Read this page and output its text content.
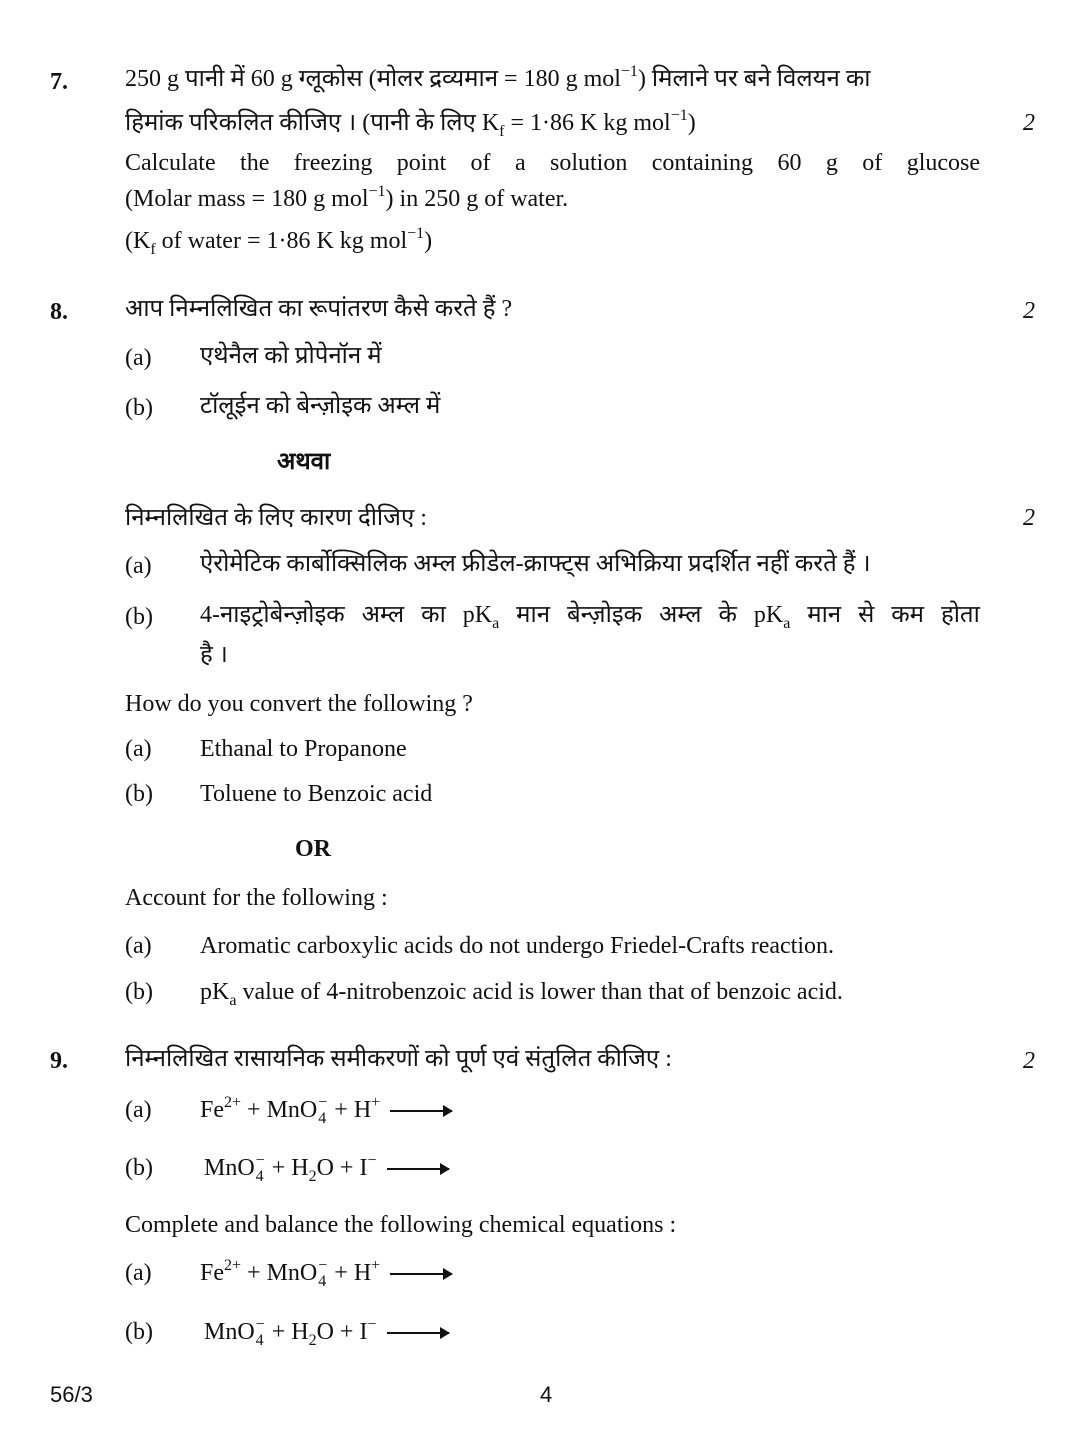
7. 250 g पानी में 60 g ग्लूकोस (मोलर द्रव्यमान = 180 g mol$^{-1}$) मिलाने पर बने विलयन का
हिमांक परिकलित कीजिए । (पानी के लिए $K_f = 1\cdot 86$ K kg mol$^{-1}$)	2
Calculate the freezing point of a solution containing 60 g of glucose
(Molar mass = 180 g mol$^{-1}$) in 250 g of water.
($K_f$ of water = 1·86 K kg mol$^{-1}$)
8. आप निम्नलिखित का रूपांतरण कैसे करते हैं ?	2
(a) एथेनैल को प्रोपेनॉन में
(b) टॉलूईन को बेन्ज़ोइक अम्ल में
अथवा
निम्नलिखित के लिए कारण दीजिए :	2
(a) ऐरोमेटिक कार्बोक्सिलिक अम्ल फ्रीडेल-क्राफ्ट्स अभिक्रिया प्रदर्शित नहीं करते हैं ।
(b) 4-नाइट्रोबेन्ज़ोइक अम्ल का $pK_a$ मान बेन्ज़ोइक अम्ल के $pK_a$ मान से कम होता
है ।
How do you convert the following ?
(a) Ethanal to Propanone
(b) Toluene to Benzoic acid
OR
Account for the following :
(a) Aromatic carboxylic acids do not undergo Friedel-Crafts reaction.
(b) $pK_a$ value of 4-nitrobenzoic acid is lower than that of benzoic acid.
9. निम्नलिखित रासायनिक समीकरणों को पूर्ण एवं संतुलित कीजिए :	2
(a) $Fe^{2+}$ + MnO −
4 + H+
(b) MnO −
$4 + H_2O + I^-$
Complete and balance the following chemical equations :
(a) $Fe^{2+}$ + MnO −
4 + H+
(b) MnO −
$4 + H_2O + I^-$
56/3	4
